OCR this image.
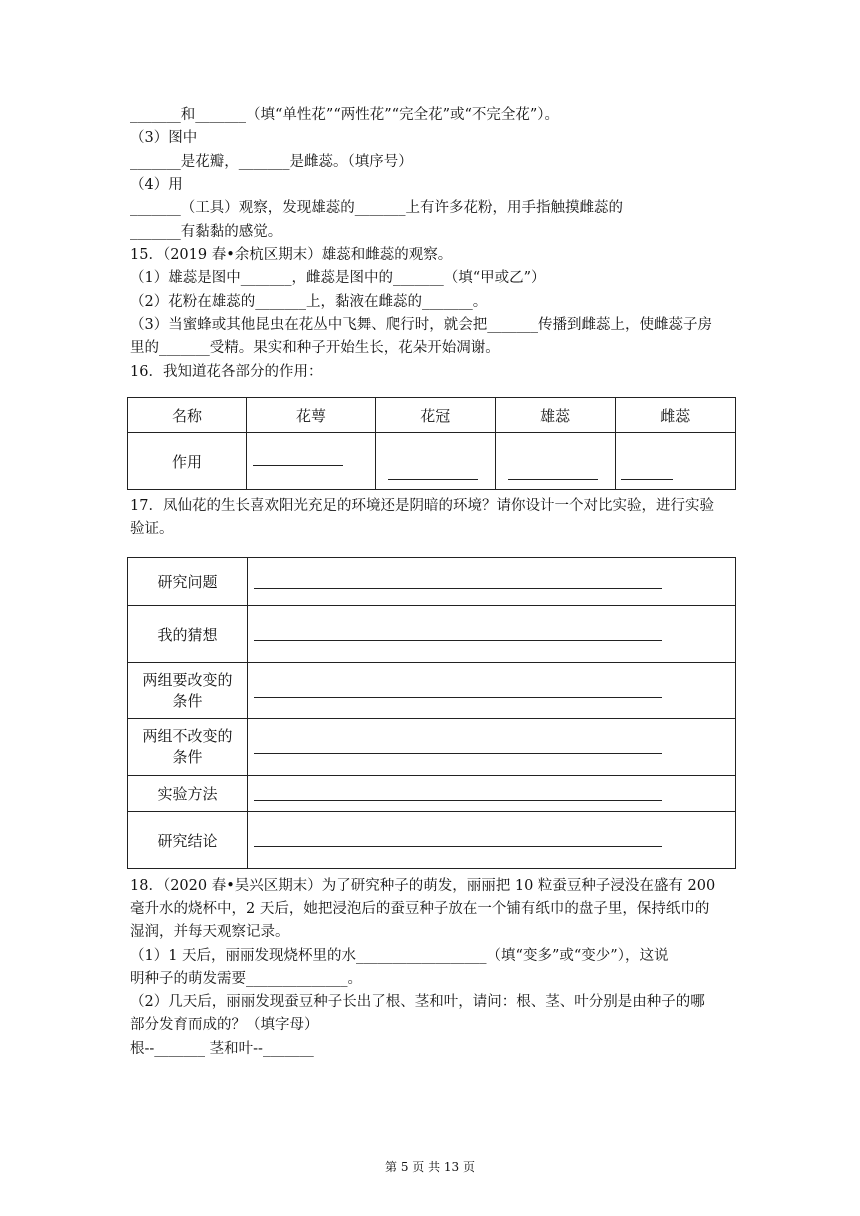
_______和_______（填“单性花”“两性花”“完全花”或“不完全花”）。
（3）图中
_______是花瓣，_______是雌蕊。（填序号）
（4）用
_______（工具）观察，发现雄蕊的_______上有许多花粉，用手指触摸雌蕊的
_______有黏黏的感觉。
15．（2019 春•余杭区期末）雄蕊和雌蕊的观察。
（1）雄蕊是图中_______，雌蕊是图中的_______（填“甲或乙”）
（2）花粉在雄蕊的_______上，黏液在雌蕊的_______。
（3）当蜜蜂或其他昆虫在花丛中飞舞、爬行时，就会把_______传播到雌蕊上，使雌蕊子房
里的_______受精。果实和种子开始生长，花朵开始凋谢。
16．我知道花各部分的作用：
名称	花萼	花冠	雄蕊	雌蕊
作用				
17．凤仙花的生长喜欢阳光充足的环境还是阴暗的环境？请你设计一个对比实验，进行实验
验证。
研究问题	

我的猜想	

两组要改变的
条件	

两组不改变的
条件	

实验方法	

研究结论	
18．（2020 春•吴兴区期末）为了研究种子的萌发，丽丽把 10 粒蚕豆种子浸没在盛有 200
毫升水的烧杯中，2 天后，她把浸泡后的蚕豆种子放在一个铺有纸巾的盘子里，保持纸巾的
湿润，并每天观察记录。
（1）1 天后，丽丽发现烧杯里的水__________________（填“变多”或“变少”），这说
明种子的萌发需要______________。
（2）几天后，丽丽发现蚕豆种子长出了根、茎和叶，请问：根、茎、叶分别是由种子的哪
部分发育而成的？（填字母）
根--_______ 茎和叶--_______
第 5 页 共 13 页
